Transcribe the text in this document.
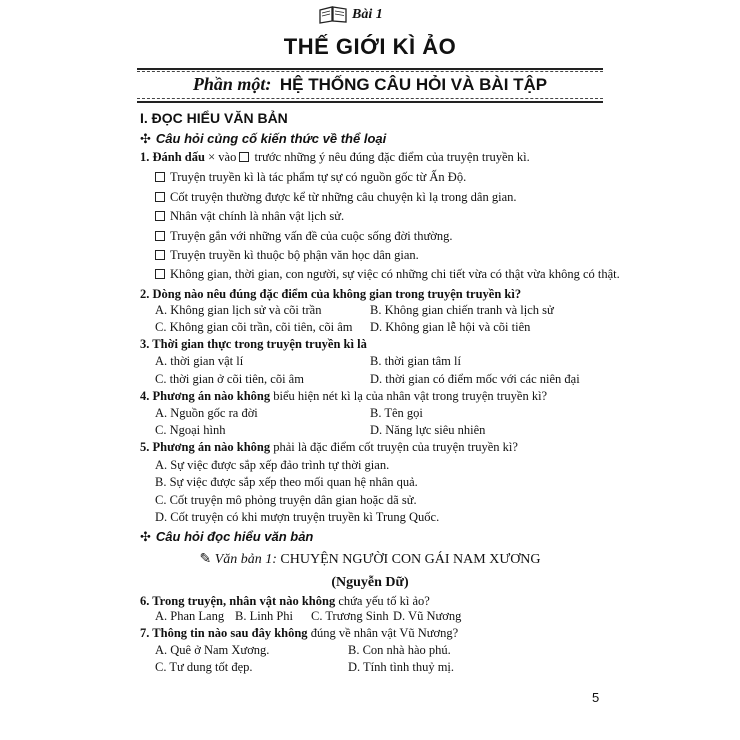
Bài 1
THẾ GIỚI KÌ ẢO
Phần một: HỆ THỐNG CÂU HỎI VÀ BÀI TẬP
I. ĐỌC HIỂU VĂN BẢN
✣ Câu hỏi củng cố kiến thức về thể loại
1. Đánh dấu × vào trước những ý nêu đúng đặc điểm của truyện truyền kì.
Truyện truyền kì là tác phẩm tự sự có nguồn gốc từ Ấn Độ.
Cốt truyện thường được kể từ những câu chuyện kì lạ trong dân gian.
Nhân vật chính là nhân vật lịch sử.
Truyện gắn với những vấn đề của cuộc sống đời thường.
Truyện truyền kì thuộc bộ phận văn học dân gian.
Không gian, thời gian, con người, sự việc có những chi tiết vừa có thật vừa không có thật.
2. Dòng nào nêu đúng đặc điểm của không gian trong truyện truyền kì?
A. Không gian lịch sử và cõi trần	B. Không gian chiến tranh và lịch sử
C. Không gian cõi trần, cõi tiên, cõi âm D. Không gian lễ hội và cõi tiên
3. Thời gian thực trong truyện truyền kì là
A. thời gian vật lí	B. thời gian tâm lí
C. thời gian ở cõi tiên, cõi âm	D. thời gian có điểm mốc với các niên đại
4. Phương án nào không biểu hiện nét kì lạ của nhân vật trong truyện truyền kì?
A. Nguồn gốc ra đời	B. Tên gọi
C. Ngoại hình	D. Năng lực siêu nhiên
5. Phương án nào không phải là đặc điểm cốt truyện của truyện truyền kì?
A. Sự việc được sắp xếp đảo trình tự thời gian.
B. Sự việc được sắp xếp theo mối quan hệ nhân quả.
C. Cốt truyện mô phỏng truyện dân gian hoặc dã sử.
D. Cốt truyện có khi mượn truyện truyền kì Trung Quốc.
✣ Câu hỏi đọc hiểu văn bản
✎ Văn bản 1: CHUYỆN NGƯỜI CON GÁI NAM XƯƠNG
(Nguyễn Dữ)
6. Trong truyện, nhân vật nào không chứa yếu tố kì ảo?
A. Phan Lang B. Linh Phi C. Trương Sinh D. Vũ Nương
7. Thông tin nào sau đây không đúng về nhân vật Vũ Nương?
A. Quê ở Nam Xương.	B. Con nhà hào phú.
C. Tư dung tốt đẹp.	D. Tính tình thuỷ mị.
5
